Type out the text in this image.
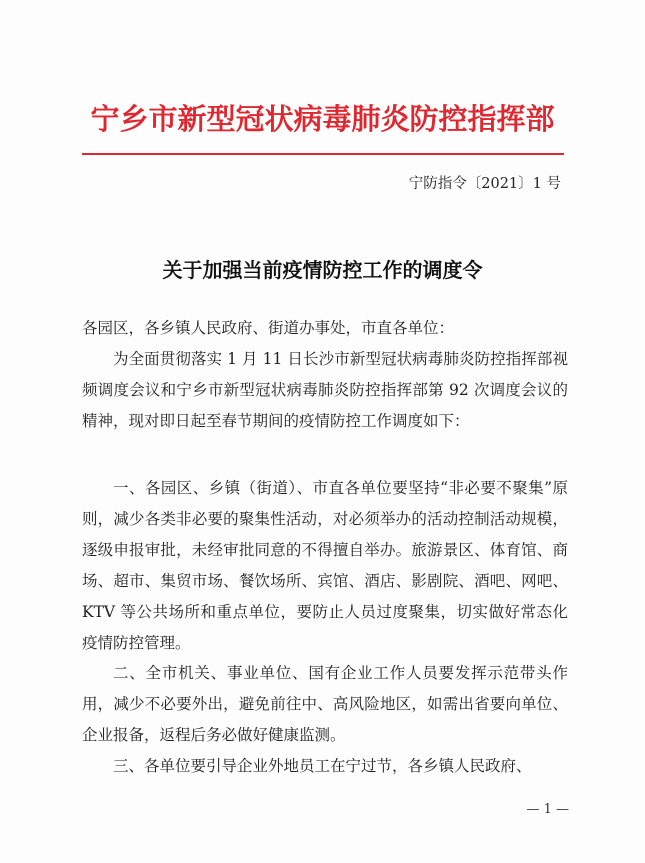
宁乡市新型冠状病毒肺炎防控指挥部
宁防指令〔2021〕1 号
关于加强当前疫情防控工作的调度令
各园区，各乡镇人民政府、街道办事处，市直各单位：

为全面贯彻落实 1 月 11 日长沙市新型冠状病毒肺炎防控指挥部视频调度会议和宁乡市新型冠状病毒肺炎防控指挥部第 92 次调度会议的精神，现对即日起至春节期间的疫情防控工作调度如下：

一、各园区、乡镇（街道）、市直各单位要坚持“非必要不聚集”原则，减少各类非必要的聚集性活动，对必须举办的活动控制活动规模，逐级申报审批，未经审批同意的不得擅自举办。旅游景区、体育馆、商场、超市、集贸市场、餐饮场所、宾馆、酒店、影剧院、酒吧、网吧、KTV 等公共场所和重点单位，要防止人员过度聚集，切实做好常态化疫情防控管理。

二、全市机关、事业单位、国有企业工作人员要发挥示范带头作用，减少不必要外出，避免前往中、高风险地区，如需出省要向单位、企业报备，返程后务必做好健康监测。

三、各单位要引导企业外地员工在宁过节，各乡镇人民政府、

— 1 —
